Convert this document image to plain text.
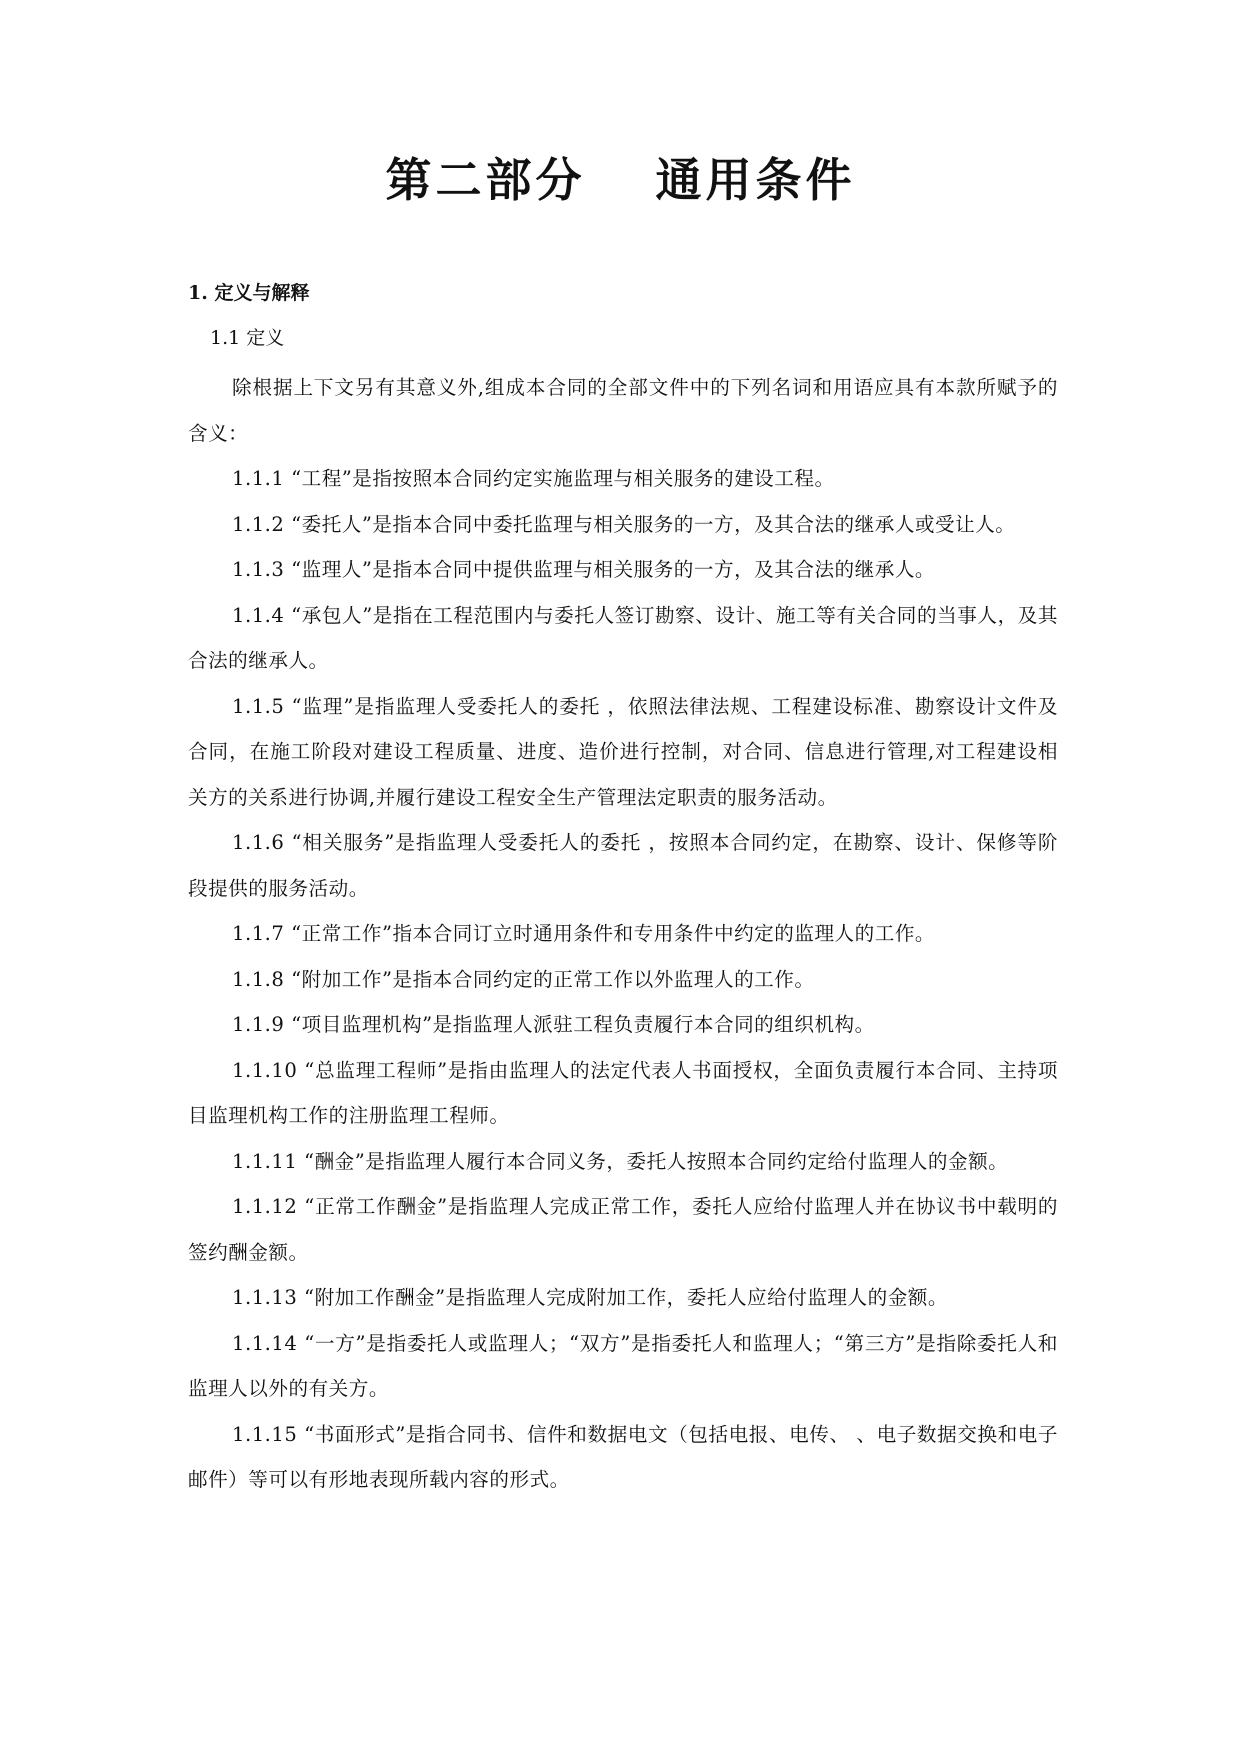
第二部分　 通用条件
1. 定义与解释
1.1 定义

除根据上下文另有其意义外,组成本合同的全部文件中的下列名词和用语应具有本款所赋予的含义：

1.1.1 “工程”是指按照本合同约定实施监理与相关服务的建设工程。

1.1.2 “委托人”是指本合同中委托监理与相关服务的一方，及其合法的继承人或受让人。

1.1.3 “监理人”是指本合同中提供监理与相关服务的一方，及其合法的继承人。

1.1.4 “承包人”是指在工程范围内与委托人签订勘察、设计、施工等有关合同的当事人，及其合法的继承人。

1.1.5 “监理”是指监理人受委托人的委托 ，依照法律法规、工程建设标准、勘察设计文件及合同，在施工阶段对建设工程质量、进度、造价进行控制，对合同、信息进行管理,对工程建设相关方的关系进行协调,并履行建设工程安全生产管理法定职责的服务活动。

1.1.6 “相关服务”是指监理人受委托人的委托 ，按照本合同约定，在勘察、设计、保修等阶段提供的服务活动。

1.1.7 “正常工作”指本合同订立时通用条件和专用条件中约定的监理人的工作。

1.1.8 “附加工作”是指本合同约定的正常工作以外监理人的工作。

1.1.9 “项目监理机构”是指监理人派驻工程负责履行本合同的组织机构。

1.1.10 “总监理工程师”是指由监理人的法定代表人书面授权，全面负责履行本合同、主持项目监理机构工作的注册监理工程师。

1.1.11 “酬金”是指监理人履行本合同义务，委托人按照本合同约定给付监理人的金额。

1.1.12 “正常工作酬金”是指监理人完成正常工作，委托人应给付监理人并在协议书中载明的签约酬金额。

1.1.13 “附加工作酬金”是指监理人完成附加工作，委托人应给付监理人的金额。

1.1.14 “一方”是指委托人或监理人；“双方”是指委托人和监理人；“第三方”是指除委托人和监理人以外的有关方。

1.1.15 “书面形式”是指合同书、信件和数据电文（包括电报、电传、 、电子数据交换和电子邮件）等可以有形地表现所载内容的形式。
